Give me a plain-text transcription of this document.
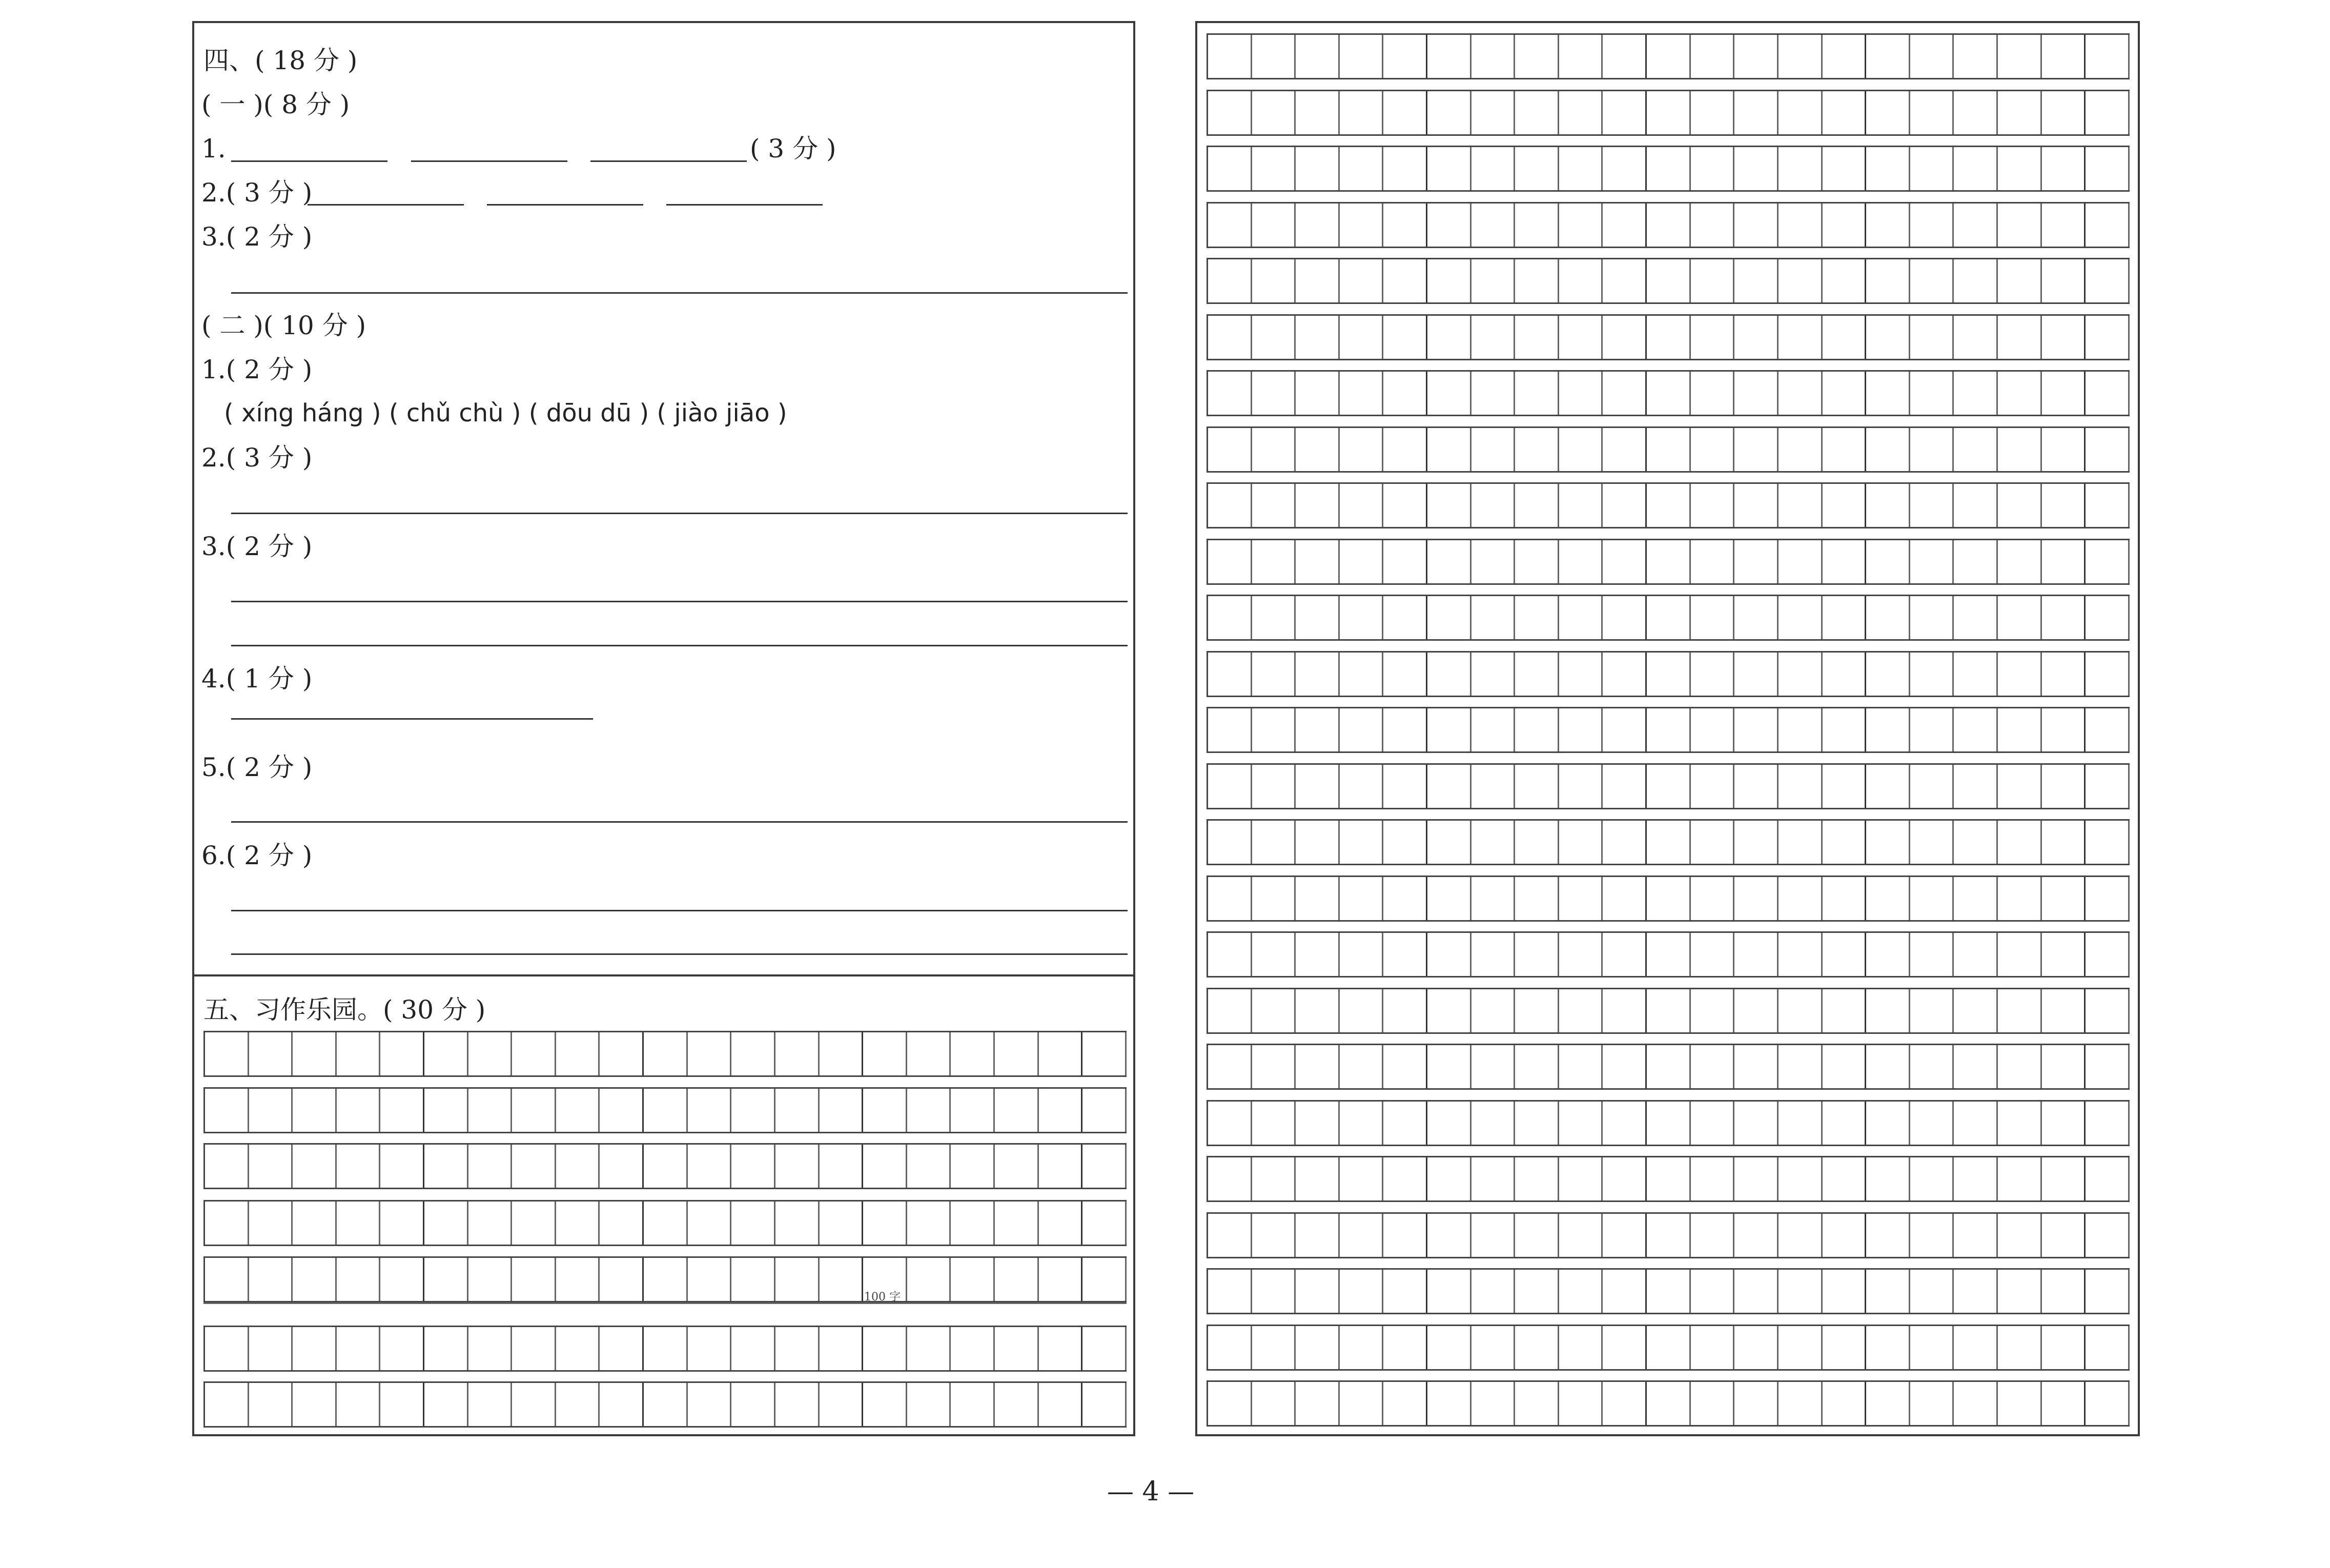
四、( 18 分 )
( 一 )( 8 分 )
1.	( 3 分 )
2.( 3 分 )
3.( 2 分 )
( 二 )( 10 分 )
1.( 2 分 )
( xíng háng ) ( chǔ chù ) ( dōu dū ) ( jiào jiāo )
2.( 3 分 )
3.( 2 分 )
4.( 1 分 )
5.( 2 分 )
6.( 2 分 )
五、习作乐园。( 30 分 )
100 字
— 4 —
